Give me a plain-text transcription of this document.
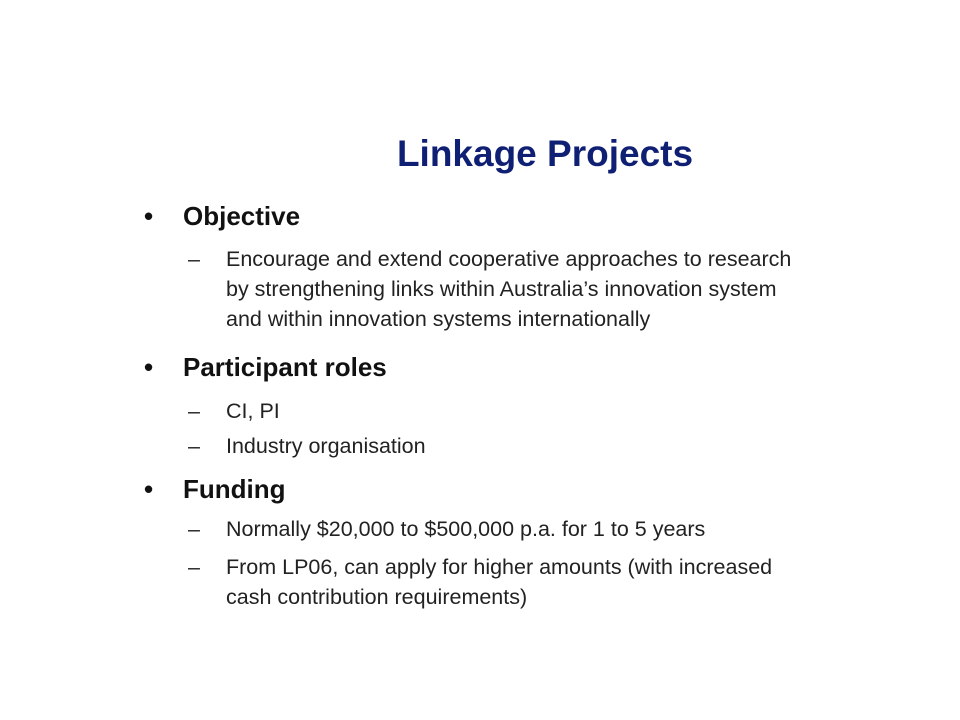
Linkage Projects
• Objective
– Encourage and extend cooperative approaches to research
by strengthening links within Australia’s innovation system
and within innovation systems internationally
• Participant roles
– CI, PI
– Industry organisation
• Funding
– Normally $20,000 to $500,000 p.a. for 1 to 5 years
– From LP06, can apply for higher amounts (with increased
cash contribution requirements)
